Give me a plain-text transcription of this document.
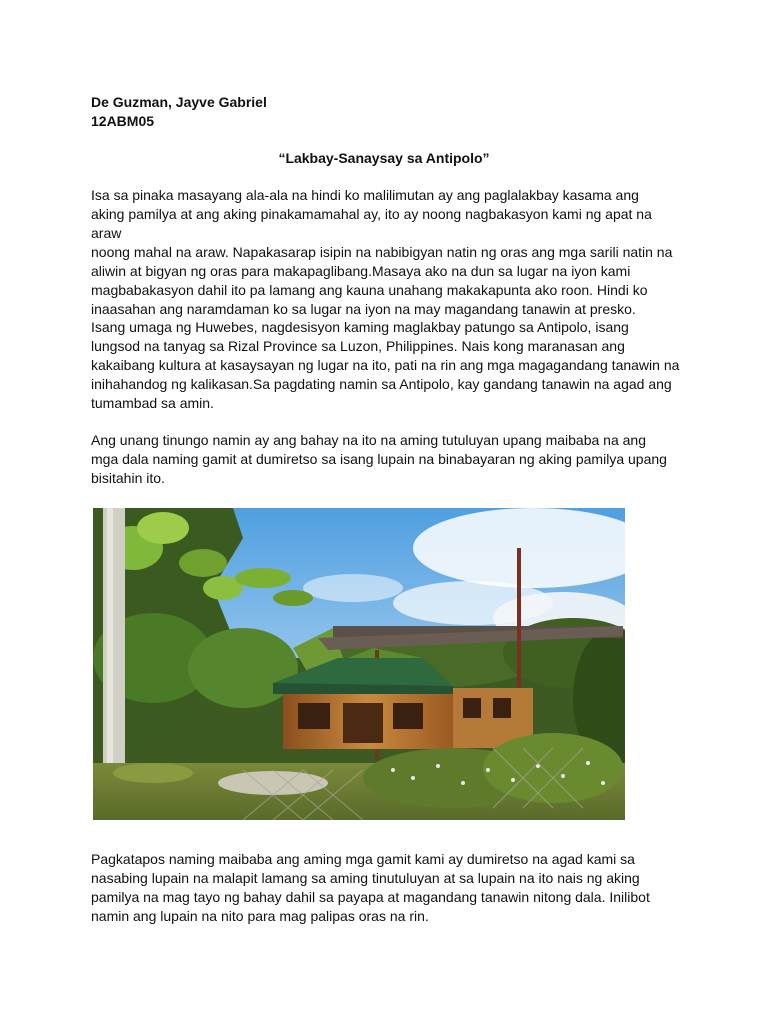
De Guzman, Jayve Gabriel
12ABM05

“Lakbay-Sanaysay sa Antipolo”

Isa sa pinaka masayang ala-ala na hindi ko malilimutan ay ang paglalakbay kasama ang
aking pamilya at ang aking pinakamamahal ay, ito ay noong nagbakasyon kami ng apat na araw
noong mahal na araw. Napakasarap isipin na nabibigyan natin ng oras ang mga sarili natin na
aliwin at bigyan ng oras para makapaglibang.Masaya ako na dun sa lugar na iyon kami
magbabakasyon dahil ito pa lamang ang kauna unahang makakapunta ako roon. Hindi ko
inaasahan ang naramdaman ko sa lugar na iyon na may magandang tanawin at presko.

Isang umaga ng Huwebes, nagdesisyon kaming maglakbay patungo sa Antipolo, isang
lungsod na tanyag sa Rizal Province sa Luzon, Philippines. Nais kong maranasan ang
kakaibang kultura at kasaysayan ng lugar na ito, pati na rin ang mga magagandang tanawin na
inihahandog ng kalikasan.Sa pagdating namin sa Antipolo, kay gandang tanawin na agad ang
tumambad sa amin.

Ang unang tinungo namin ay ang bahay na ito na aming tutuluyan upang maibaba na ang
mga dala naming gamit at dumiretso sa isang lupain na binabayaran ng aking pamilya upang
bisitahin ito.

Pagkatapos naming maibaba ang aming mga gamit kami ay dumiretso na agad kami sa
nasabing lupain na malapit lamang sa aming tinutuluyan at sa lupain na ito nais ng aking
pamilya na mag tayo ng bahay dahil sa payapa at magandang tanawin nitong dala. Inilibot
namin ang lupain na nito para mag palipas oras na rin.
